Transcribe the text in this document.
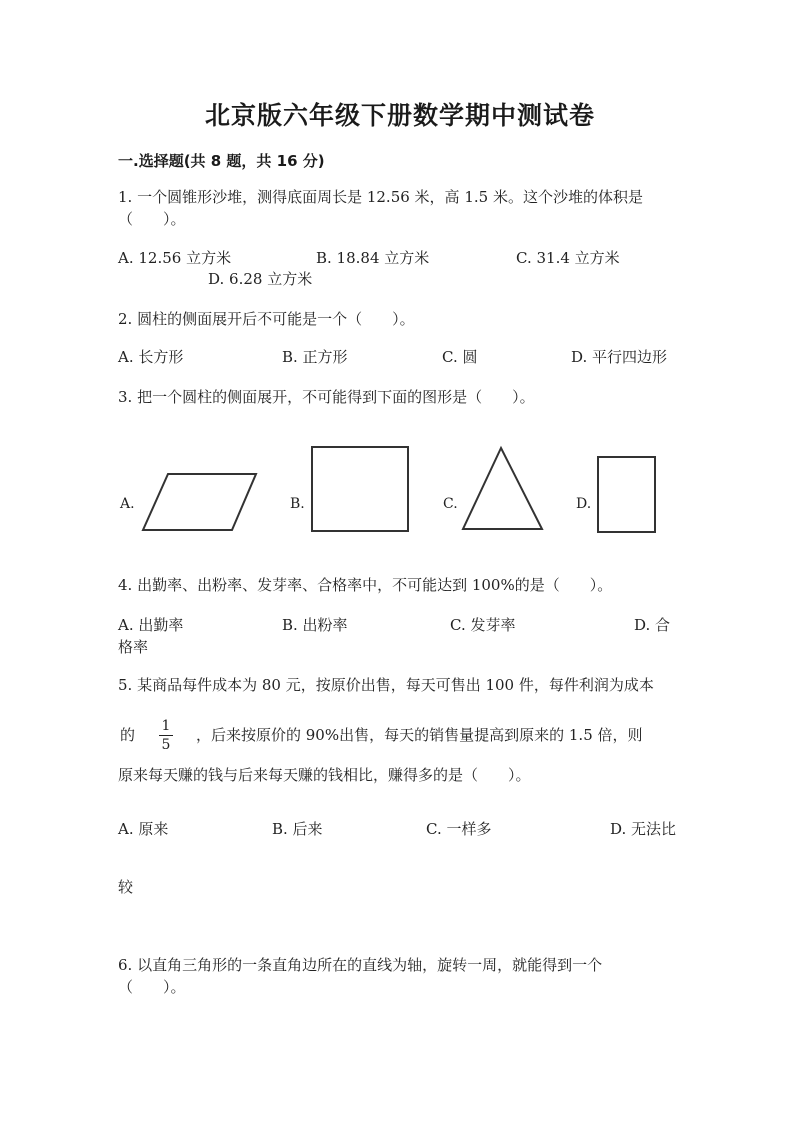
北京版六年级下册数学期中测试卷
一.选择题(共 8 题，共 16 分)
1. 一个圆锥形沙堆，测得底面周长是 12.56 米，高 1.5 米。这个沙堆的体积是
（　　）。
A. 12.56 立方米	B. 18.84 立方米	C. 31.4 立方米
D. 6.28 立方米
2. 圆柱的侧面展开后不可能是一个（　　）。
A. 长方形	B. 正方形	C. 圆	D. 平行四边形
3. 把一个圆柱的侧面展开，不可能得到下面的图形是（　　）。
A.	B.	C.	D.
4. 出勤率、出粉率、发芽率、合格率中，不可能达到 100%的是（　　）。
A. 出勤率	B. 出粉率	C. 发芽率	D. 合
格率
5. 某商品每件成本为 80 元，按原价出售，每天可售出 100 件，每件利润为成本
的	1
5
，后来按原价的 90%出售，每天的销售量提高到原来的 1.5 倍，则
原来每天赚的钱与后来每天赚的钱相比，赚得多的是（　　）。
A. 原来	B. 后来	C. 一样多	D. 无法比
较
6. 以直角三角形的一条直角边所在的直线为轴，旋转一周，就能得到一个
（　　）。
